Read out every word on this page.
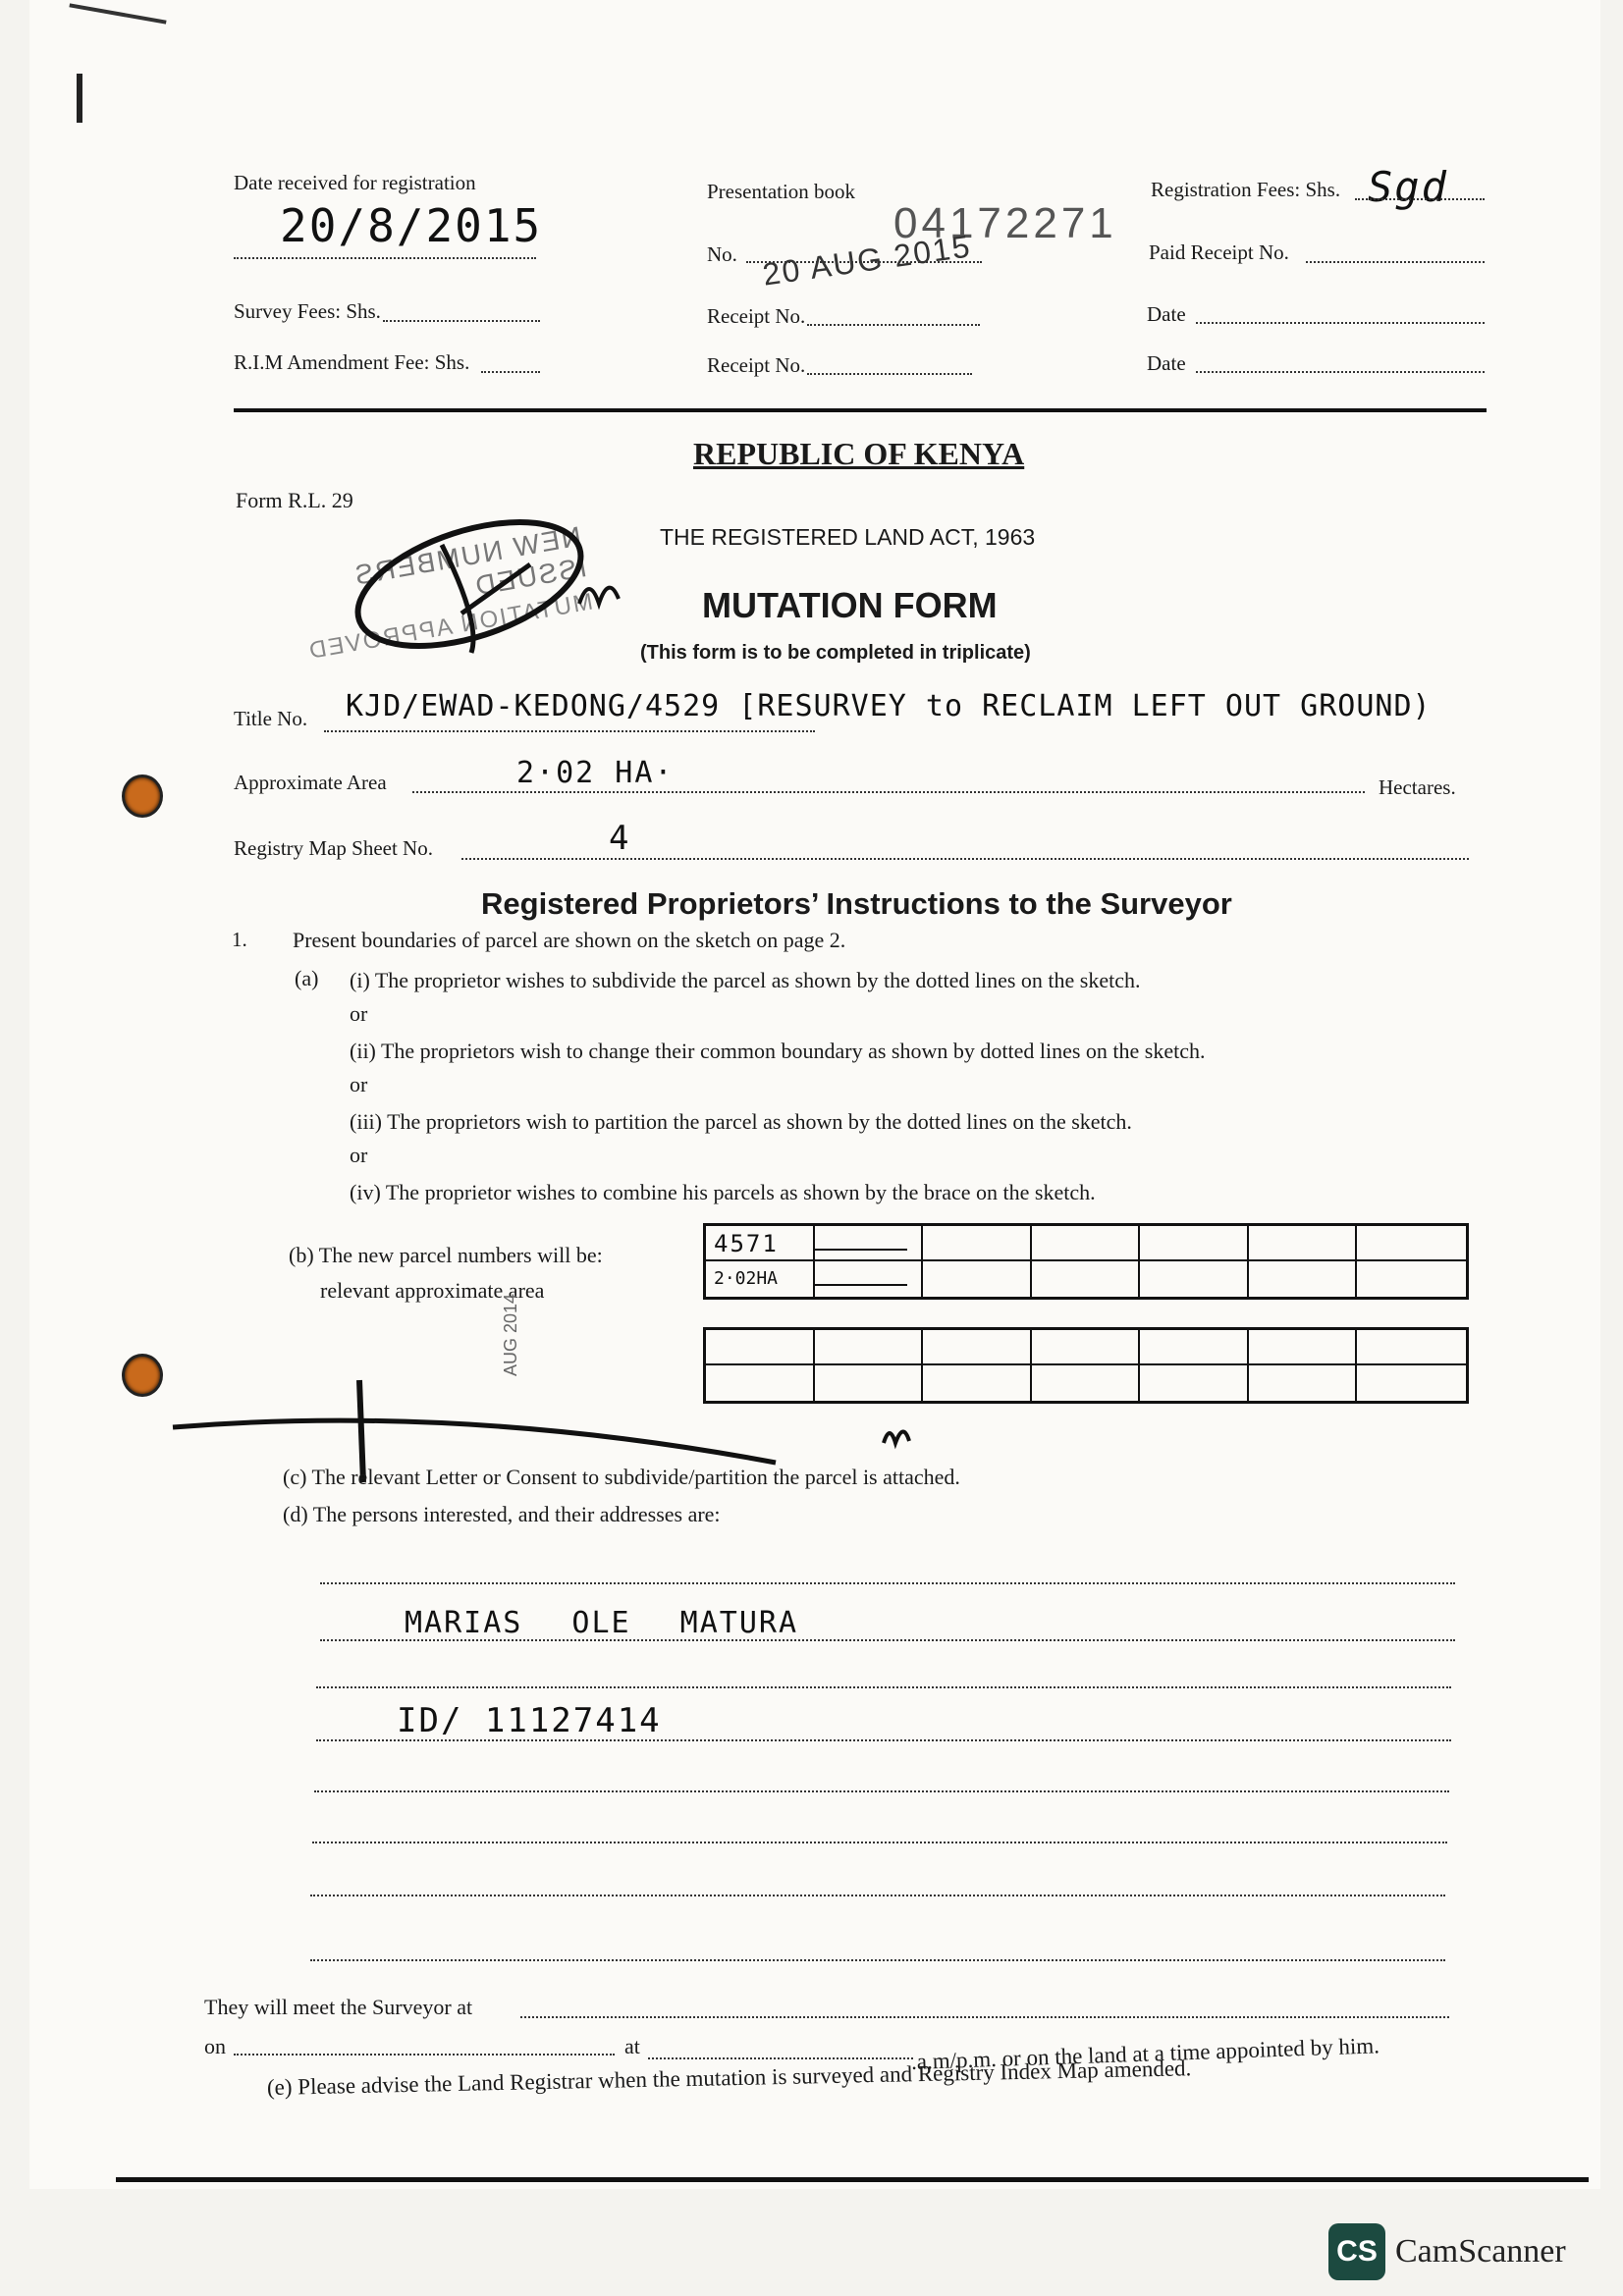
Date received for registration
20/8/2015
Survey Fees: Shs.
R.I.M Amendment Fee: Shs.
Presentation book
No.
04172271
20 AUG 2015
Receipt No.
Receipt No.
Registration Fees: Shs. Sgd
Paid Receipt No.
Date
Date
REPUBLIC OF KENYA
Form R.L. 29
THE REGISTERED LAND ACT, 1963
MUTATION FORM
(This form is to be completed in triplicate)
NEW NUMBERS ISSUED
MUTATION APPROVED
Title No. KJD/EWAD-KEDONG/4529 [RESURVEY to RECLAIM LEFT OUT GROUND)
Approximate Area	2·02 HA·	Hectares.
Registry Map Sheet No.	4
Registered Proprietors’ Instructions to the Surveyor
1. Present boundaries of parcel are shown on the sketch on page 2.
(a) (i) The proprietor wishes to subdivide the parcel as shown by the dotted lines on the sketch.
or
(ii) The proprietors wish to change their common boundary as shown by dotted lines on the sketch.
or
(iii) The proprietors wish to partition the parcel as shown by the dotted lines on the sketch.
or
(iv) The proprietor wishes to combine his parcels as shown by the brace on the sketch.
(b) The new parcel numbers will be:
relevant approximate area
4571
2·02HA
AUG 2014
(c) The relevant Letter or Consent to subdivide/partition the parcel is attached.
(d) The persons interested, and their addresses are:
MARIAS OLE MATURA
ID/ 11127414
They will meet the Surveyor at
on	at	.a.m/p.m. or on the land at a time appointed by him.
(e) Please advise the Land Registrar when the mutation is surveyed and Registry Index Map amended.
CS CamScanner
